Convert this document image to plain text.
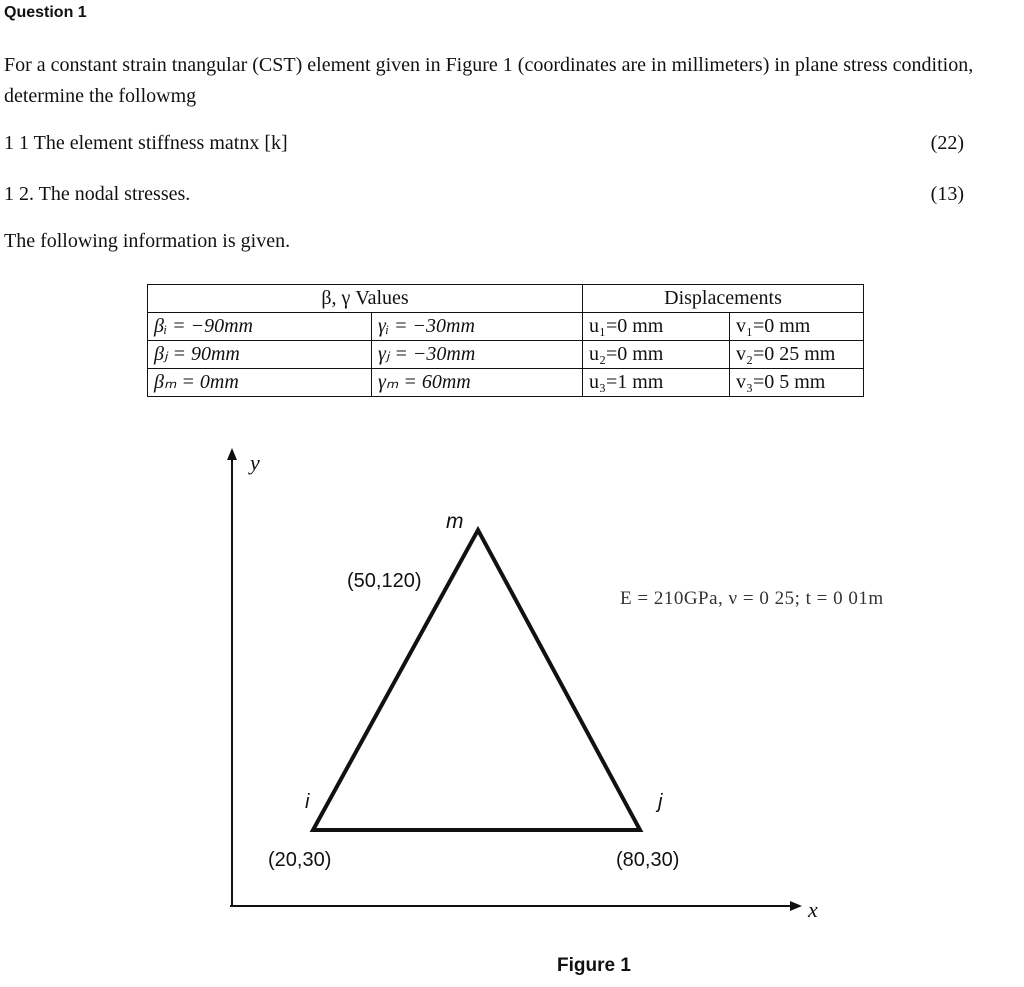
Question 1

For a constant strain tnangular (CST) element given in Figure 1 (coordinates are in millimeters) in plane stress condition, determine the followmg

1 1 The element stiffness matnx [k]	(22)

1 2. The nodal stresses.	(13)

The following information is given.

β, γ Values		Displacements	
βᵢ = −90mm	γᵢ = −30mm	u₁=0 mm	v₁=0 mm
βⱼ = 90mm	γⱼ = −30mm	u₂=0 mm	v₂=0 25 mm
βₘ = 0mm	γₘ = 60mm	u₃=1 mm	v₃=0 5 mm
y
x
m
i	j
(50,120)
(20,30)	(80,30)

E = 210GPa, ν = 0 25; t = 0 01m

Figure 1
